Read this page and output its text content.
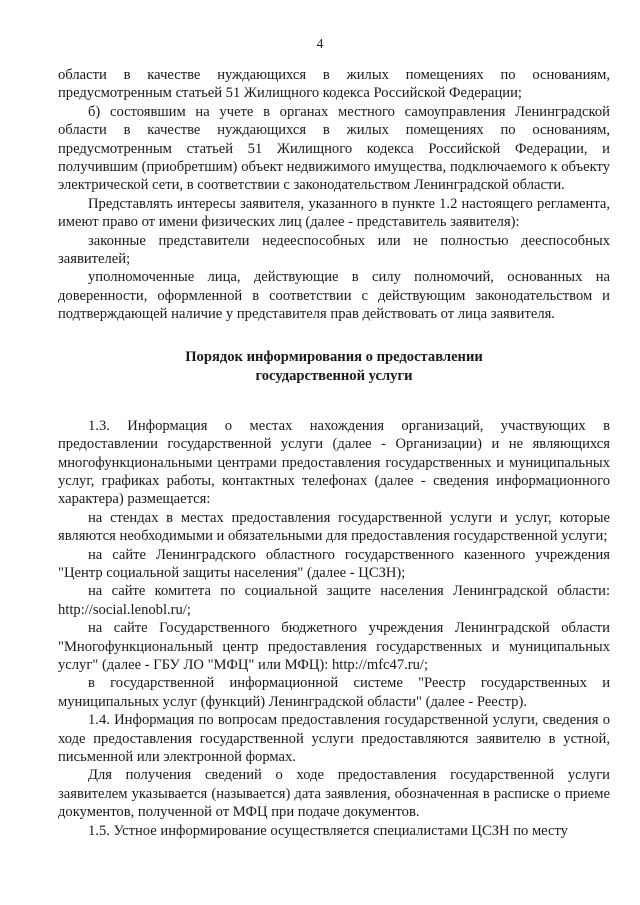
4

области в качестве нуждающихся в жилых помещениях по основаниям, предусмотренным статьей 51 Жилищного кодекса Российской Федерации;

б) состоявшим на учете в органах местного самоуправления Ленинградской области в качестве нуждающихся в жилых помещениях по основаниям, предусмотренным статьей 51 Жилищного кодекса Российской Федерации, и получившим (приобретшим) объект недвижимого имущества, подключаемого к объекту электрической сети, в соответствии с законодательством Ленинградской области.

Представлять интересы заявителя, указанного в пункте 1.2 настоящего регламента, имеют право от имени физических лиц (далее - представитель заявителя):

законные представители недееспособных или не полностью дееспособных заявителей;

уполномоченные лица, действующие в силу полномочий, основанных на доверенности, оформленной в соответствии с действующим законодательством и подтверждающей наличие у представителя прав действовать от лица заявителя.

Порядок информирования о предоставлении
государственной услуги

1.3. Информация о местах нахождения организаций, участвующих в предоставлении государственной услуги (далее - Организации) и не являющихся многофункциональными центрами предоставления государственных и муниципальных услуг, графиках работы, контактных телефонах (далее - сведения информационного характера) размещается:

на стендах в местах предоставления государственной услуги и услуг, которые являются необходимыми и обязательными для предоставления государственной услуги;

на сайте Ленинградского областного государственного казенного учреждения "Центр социальной защиты населения" (далее - ЦСЗН);

на сайте комитета по социальной защите населения Ленинградской области: http://social.lenobl.ru/;

на сайте Государственного бюджетного учреждения Ленинградской области "Многофункциональный центр предоставления государственных и муниципальных услуг" (далее - ГБУ ЛО "МФЦ" или МФЦ): http://mfc47.ru/;

в государственной информационной системе "Реестр государственных и муниципальных услуг (функций) Ленинградской области" (далее - Реестр).

1.4. Информация по вопросам предоставления государственной услуги, сведения о ходе предоставления государственной услуги предоставляются заявителю в устной, письменной или электронной формах.

Для получения сведений о ходе предоставления государственной услуги заявителем указывается (называется) дата заявления, обозначенная в расписке о приеме документов, полученной от МФЦ при подаче документов.

1.5. Устное информирование осуществляется специалистами ЦСЗН по месту
